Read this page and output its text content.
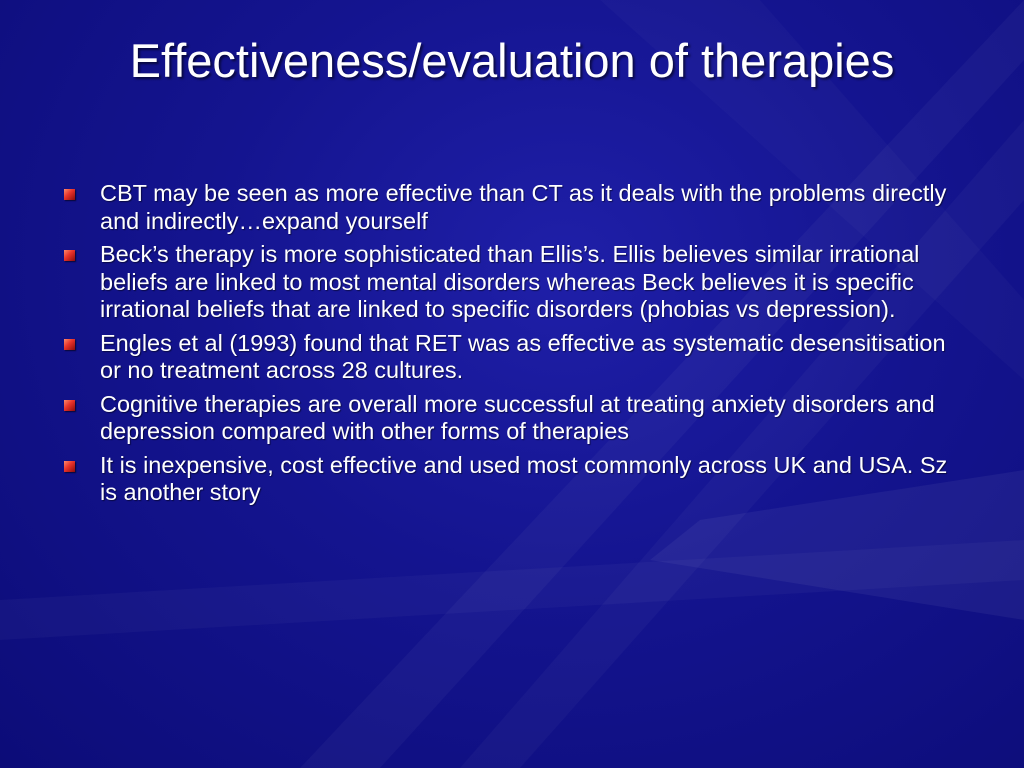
Effectiveness/evaluation of therapies
CBT may be seen as more effective than CT as it deals with the problems directly and indirectly…expand yourself
Beck’s therapy is more sophisticated than Ellis’s. Ellis believes similar irrational beliefs are linked to most mental disorders whereas Beck believes it is specific irrational beliefs that are linked to specific disorders (phobias vs depression).
Engles et al (1993) found that RET was as effective as systematic desensitisation or no treatment across 28 cultures.
Cognitive therapies are overall more successful at treating anxiety disorders and depression compared with other forms of therapies
It is inexpensive, cost effective and used most commonly across UK and USA. Sz is another story
